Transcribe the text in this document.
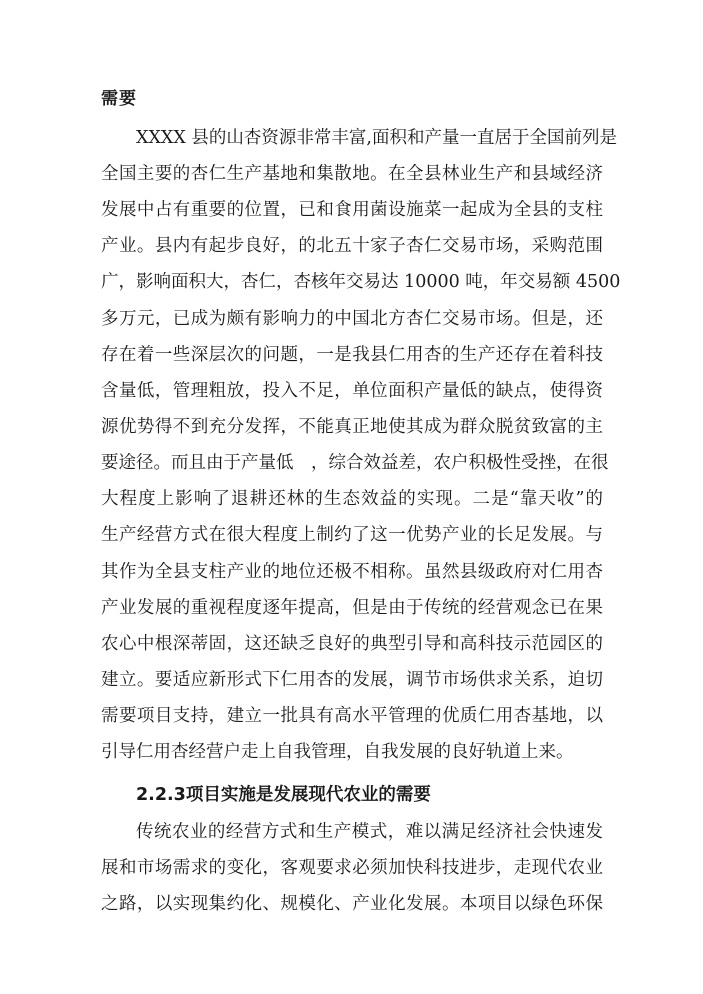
需要
XXXX 县的山杏资源非常丰富,面积和产量一直居于全国前列是
全国主要的杏仁生产基地和集散地。在全县林业生产和县域经济
发展中占有重要的位置，已和食用菌设施菜一起成为全县的支柱
产业。县内有起步良好，的北五十家子杏仁交易市场，采购范围
广，影响面积大，杏仁，杏核年交易达 10000 吨，年交易额 4500
多万元，已成为颇有影响力的中国北方杏仁交易市场。但是，还
存在着一些深层次的问题，一是我县仁用杏的生产还存在着科技
含量低，管理粗放，投入不足，单位面积产量低的缺点，使得资
源优势得不到充分发挥，不能真正地使其成为群众脱贫致富的主
要途径。而且由于产量低　，综合效益差，农户积极性受挫，在很
大程度上影响了退耕还林的生态效益的实现。二是“靠天收”的
生产经营方式在很大程度上制约了这一优势产业的长足发展。与
其作为全县支柱产业的地位还极不相称。虽然县级政府对仁用杏
产业发展的重视程度逐年提高，但是由于传统的经营观念已在果
农心中根深蒂固，这还缺乏良好的典型引导和高科技示范园区的
建立。要适应新形式下仁用杏的发展，调节市场供求关系，迫切
需要项目支持，建立一批具有高水平管理的优质仁用杏基地，以
引导仁用杏经营户走上自我管理，自我发展的良好轨道上来。
2.2.3项目实施是发展现代农业的需要
传统农业的经营方式和生产模式，难以满足经济社会快速发
展和市场需求的变化，客观要求必须加快科技进步，走现代农业
之路，以实现集约化、规模化、产业化发展。本项目以绿色环保
